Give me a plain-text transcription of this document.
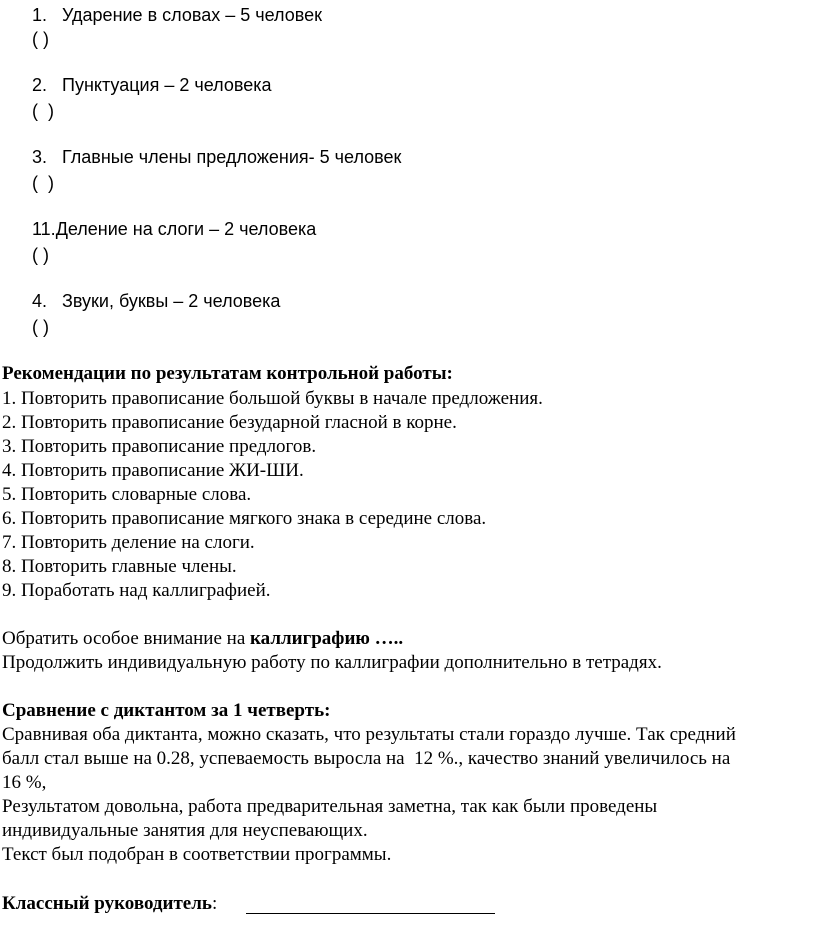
1. Ударение в словах – 5 человек
( )
2. Пунктуация – 2 человека
(  )
3. Главные члены предложения- 5 человек
(  )
11.Деление на слоги – 2 человека
( )
4. Звуки, буквы – 2 человека
( )
Рекомендации по результатам контрольной работы:
1. Повторить правописание большой буквы в начале предложения.
2. Повторить правописание безударной гласной в корне.
3. Повторить правописание предлогов.
4. Повторить правописание ЖИ-ШИ.
5. Повторить словарные слова.
6. Повторить правописание мягкого знака в середине слова.
7. Повторить деление на слоги.
8. Повторить главные члены.
9. Поработать над каллиграфией.
Обратить особое внимание на каллиграфию …..
Продолжить индивидуальную работу по каллиграфии дополнительно в тетрадях.
Сравнение с диктантом за 1 четверть:
Сравнивая оба диктанта, можно сказать, что результаты стали гораздо лучше. Так средний
балл стал выше на 0.28, успеваемость выросла на  12 %., качество знаний увеличилось на
16 %,
Результатом довольна, работа предварительная заметна, так как были проведены
индивидуальные занятия для неуспевающих.
Текст был подобран в соответствии программы.
Классный руководитель:
